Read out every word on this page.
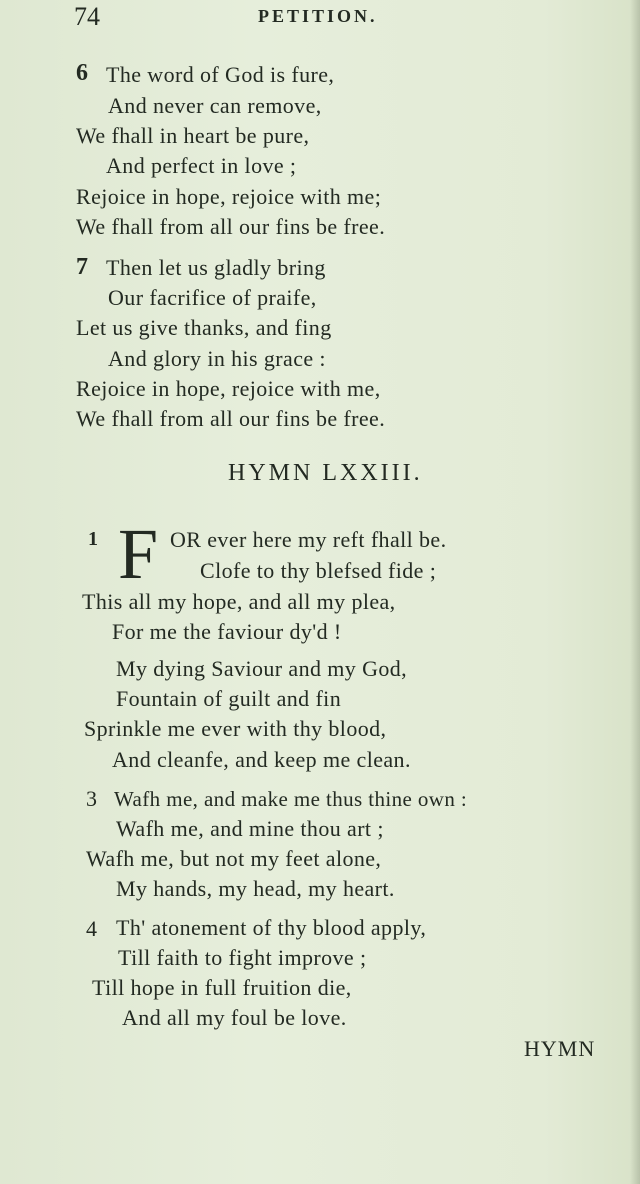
74	PETITION.
6 The word of God is fure,
And never can remove,
We fhall in heart be pure,
And perfect in love ;
Rejoice in hope, rejoice with me;
We fhall from all our fins be free.
7 Then let us gladly bring
Our facrifice of praife,
Let us give thanks, and fing
And glory in his grace :
Rejoice in hope, rejoice with me,
We fhall from all our fins be free.
HYMN LXXIII.
1 F OR ever here my reft fhall be.
Clofe to thy blefsed fide ;
This all my hope, and all my plea,
For me the faviour dy'd !
My dying Saviour and my God,
Fountain of guilt and fin
Sprinkle me ever with thy blood,
And cleanfe, and keep me clean.
3 Wafh me, and make me thus thine own :
Wafh me, and mine thou art ;
Wafh me, but not my feet alone,
My hands, my head, my heart.
4 Th' atonement of thy blood apply,
Till faith to fight improve ;
Till hope in full fruition die,
And all my foul be love.
HYMN
